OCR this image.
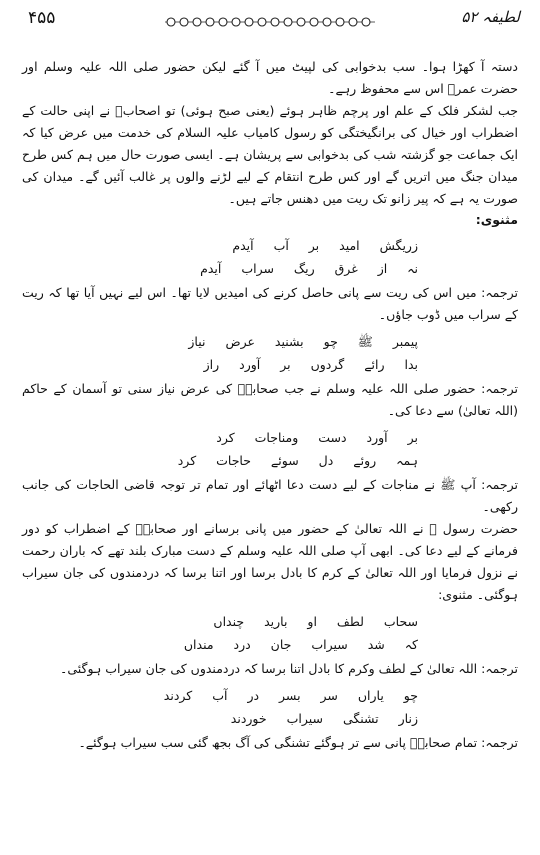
۴۵۵	لطیفہ ۵۲

دستہ آ کھڑا ہوا۔ سب بدخوابی کی لپیٹ میں آ گئے لیکن حضور صلی اللہ علیہ وسلم اور حضرت عمرؓ اس سے محفوظ رہے۔

جب لشکر فلک کے علم اور پرچم ظاہر ہوئے (یعنی صبح ہوئی) تو اصحابؓ نے اپنی حالت کے اضطراب اور خیال کی برانگیختگی کو رسول کامیاب علیہ السلام کی خدمت میں عرض کیا کہ ایک جماعت جو گزشتہ شب کی بدخوابی سے پریشان ہے۔ ایسی صورت حال میں ہم کس طرح میدان جنگ میں اتریں گے اور کس طرح انتقام کے لیے لڑنے والوں پر غالب آئیں گے۔ میدان کی صورت یہ ہے کہ پیر زانو تک ریت میں دھنس جاتے ہیں۔

مثنوی:

زریگش امید بر آب آیدم
نہ از غرق ریگ سراب آیدم

ترجمہ: میں اس کی ریت سے پانی حاصل کرنے کی امیدیں لایا تھا۔ اس لیے نہیں آیا تھا کہ ریت کے سراب میں ڈوب جاؤں۔

پیمبر ﷺ چو بشنید عرض نیاز
بدا رائے گردوں بر آورد راز

ترجمہ: حضور صلی اللہ علیہ وسلم نے جب صحابہؓ کی عرض نیاز سنی تو آسمان کے حاکم (اللہ تعالیٰ) سے دعا کی۔

بر آورد دست ومناجات کرد
ہمہ روئے دل سوئے حاجات کرد

ترجمہ: آپ ﷺ نے مناجات کے لیے دست دعا اٹھائے اور تمام تر توجہ قاضی الحاجات کی جانب رکھی۔

حضرت رسول ﷺ نے اللہ تعالیٰ کے حضور میں پانی برسانے اور صحابہؓ کے اضطراب کو دور فرمانے کے لیے دعا کی۔ ابھی آپ صلی اللہ علیہ وسلم کے دست مبارک بلند تھے کہ باران رحمت نے نزول فرمایا اور اللہ تعالیٰ کے کرم کا بادل برسا اور اتنا برسا کہ دردمندوں کی جان سیراب ہوگئی۔ مثنوی:

سحاب لطف او بارید چنداں
کہ شد سیراب جان درد منداں

ترجمہ: اللہ تعالیٰ کے لطف وکرم کا بادل اتنا برسا کہ دردمندوں کی جان سیراب ہوگئی۔

چو یاراں سر بسر در آب کردند
زنار تشنگی سیراب خوردند

ترجمہ: تمام صحابہؓ پانی سے تر ہوگئے تشنگی کی آگ بجھ گئی سب سیراب ہوگئے۔
